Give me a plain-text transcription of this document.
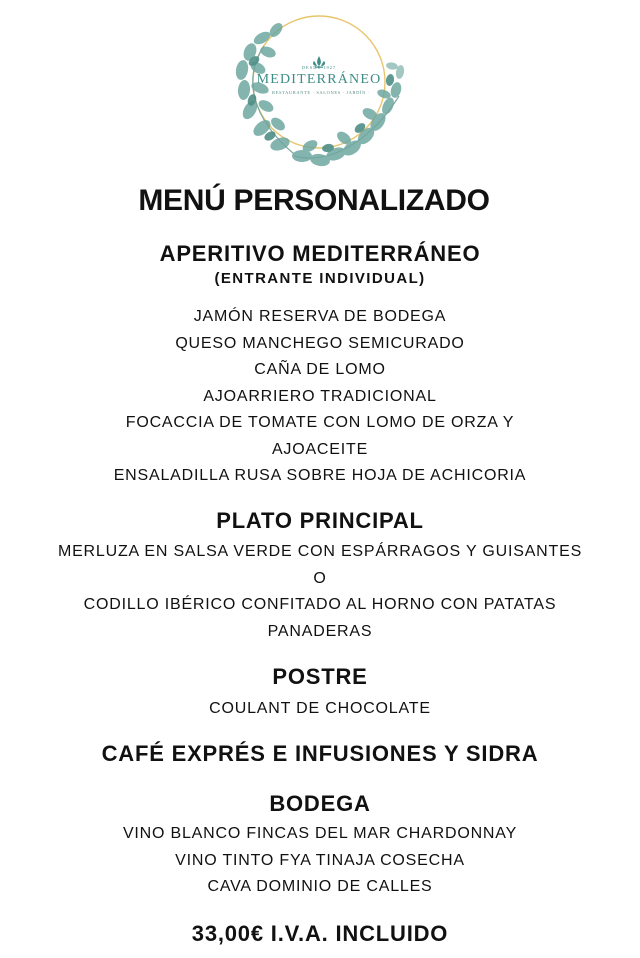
DESDE 1927
MEDITERRÁNEO
· RESTAURANTE · SALONES · JARDÍN ·
MENÚ PERSONALIZADO
APERITIVO MEDITERRÁNEO
(ENTRANTE INDIVIDUAL)
JAMÓN RESERVA DE BODEGA
QUESO MANCHEGO SEMICURADO
CAÑA DE LOMO
AJOARRIERO TRADICIONAL
FOCACCIA DE TOMATE CON LOMO DE ORZA Y
AJOACEITE
ENSALADILLA RUSA SOBRE HOJA DE ACHICORIA
PLATO PRINCIPAL
MERLUZA EN SALSA VERDE CON ESPÁRRAGOS Y GUISANTES
O
CODILLO IBÉRICO CONFITADO AL HORNO CON PATATAS
PANADERAS
POSTRE
COULANT DE CHOCOLATE
CAFÉ EXPRÉS E INFUSIONES Y SIDRA
BODEGA
VINO BLANCO FINCAS DEL MAR CHARDONNAY
VINO TINTO FYA TINAJA COSECHA
CAVA DOMINIO DE CALLES
33,00€ I.V.A. INCLUIDO
